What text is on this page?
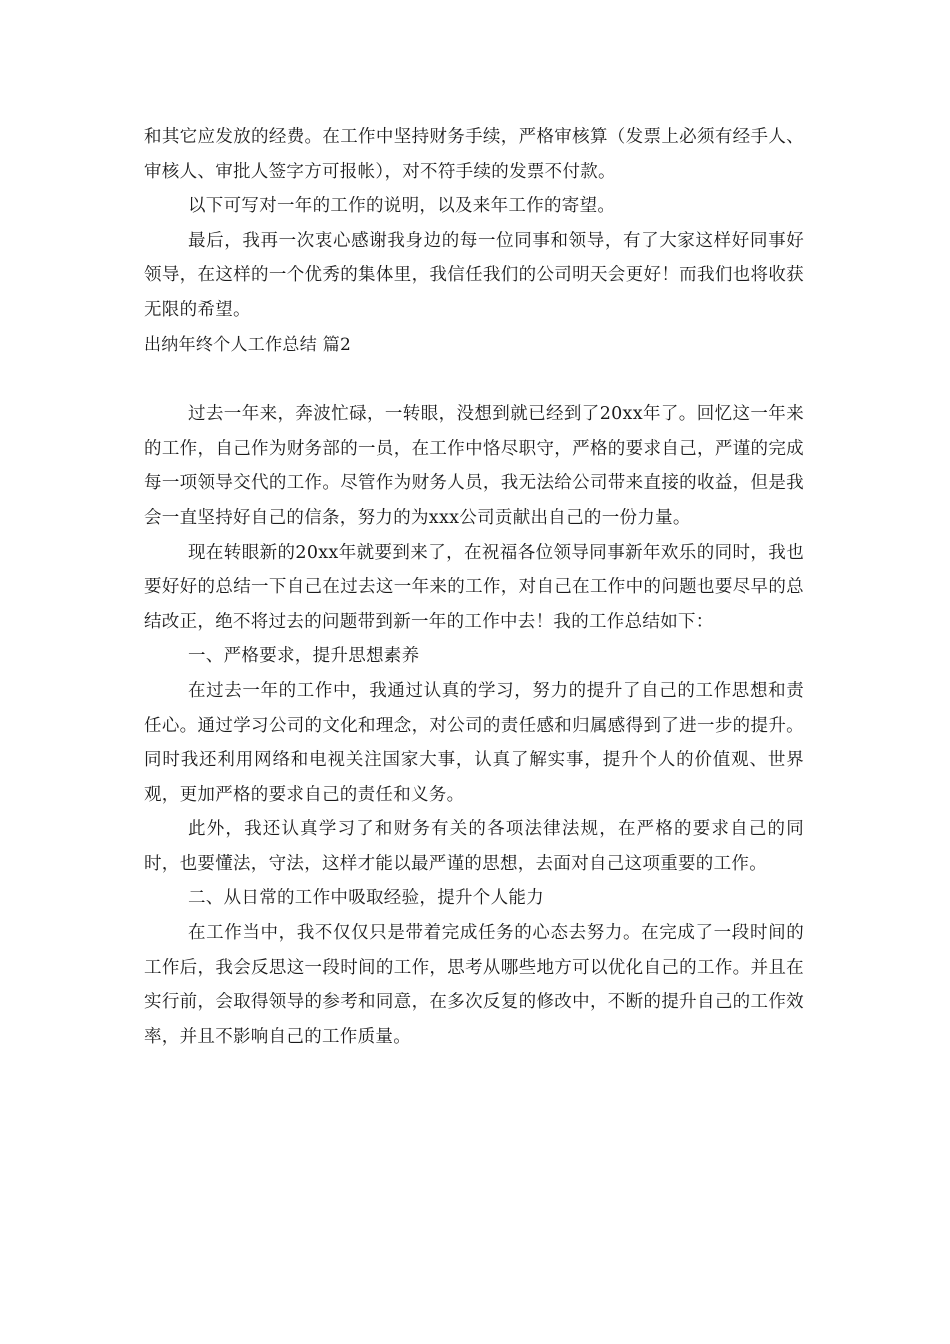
和其它应发放的经费。在工作中坚持财务手续，严格审核算（发票上必须有经手人、审核人、审批人签字方可报帐），对不符手续的发票不付款。

以下可写对一年的工作的说明，以及来年工作的寄望。

最后，我再一次衷心感谢我身边的每一位同事和领导，有了大家这样好同事好领导，在这样的一个优秀的集体里，我信任我们的公司明天会更好！而我们也将收获无限的希望。

出纳年终个人工作总结 篇2

过去一年来，奔波忙碌，一转眼，没想到就已经到了20xx年了。回忆这一年来的工作，自己作为财务部的一员，在工作中恪尽职守，严格的要求自己，严谨的完成每一项领导交代的工作。尽管作为财务人员，我无法给公司带来直接的收益，但是我会一直坚持好自己的信条，努力的为xxx公司贡献出自己的一份力量。

现在转眼新的20xx年就要到来了，在祝福各位领导同事新年欢乐的同时，我也要好好的总结一下自己在过去这一年来的工作，对自己在工作中的问题也要尽早的总结改正，绝不将过去的问题带到新一年的工作中去！我的工作总结如下：

一、严格要求，提升思想素养

在过去一年的工作中，我通过认真的学习，努力的提升了自己的工作思想和责任心。通过学习公司的文化和理念，对公司的责任感和归属感得到了进一步的提升。同时我还利用网络和电视关注国家大事，认真了解实事，提升个人的价值观、世界观，更加严格的要求自己的责任和义务。

此外，我还认真学习了和财务有关的各项法律法规，在严格的要求自己的同时，也要懂法，守法，这样才能以最严谨的思想，去面对自己这项重要的工作。

二、从日常的工作中吸取经验，提升个人能力

在工作当中，我不仅仅只是带着完成任务的心态去努力。在完成了一段时间的工作后，我会反思这一段时间的工作，思考从哪些地方可以优化自己的工作。并且在实行前，会取得领导的参考和同意，在多次反复的修改中，不断的提升自己的工作效率，并且不影响自己的工作质量。
